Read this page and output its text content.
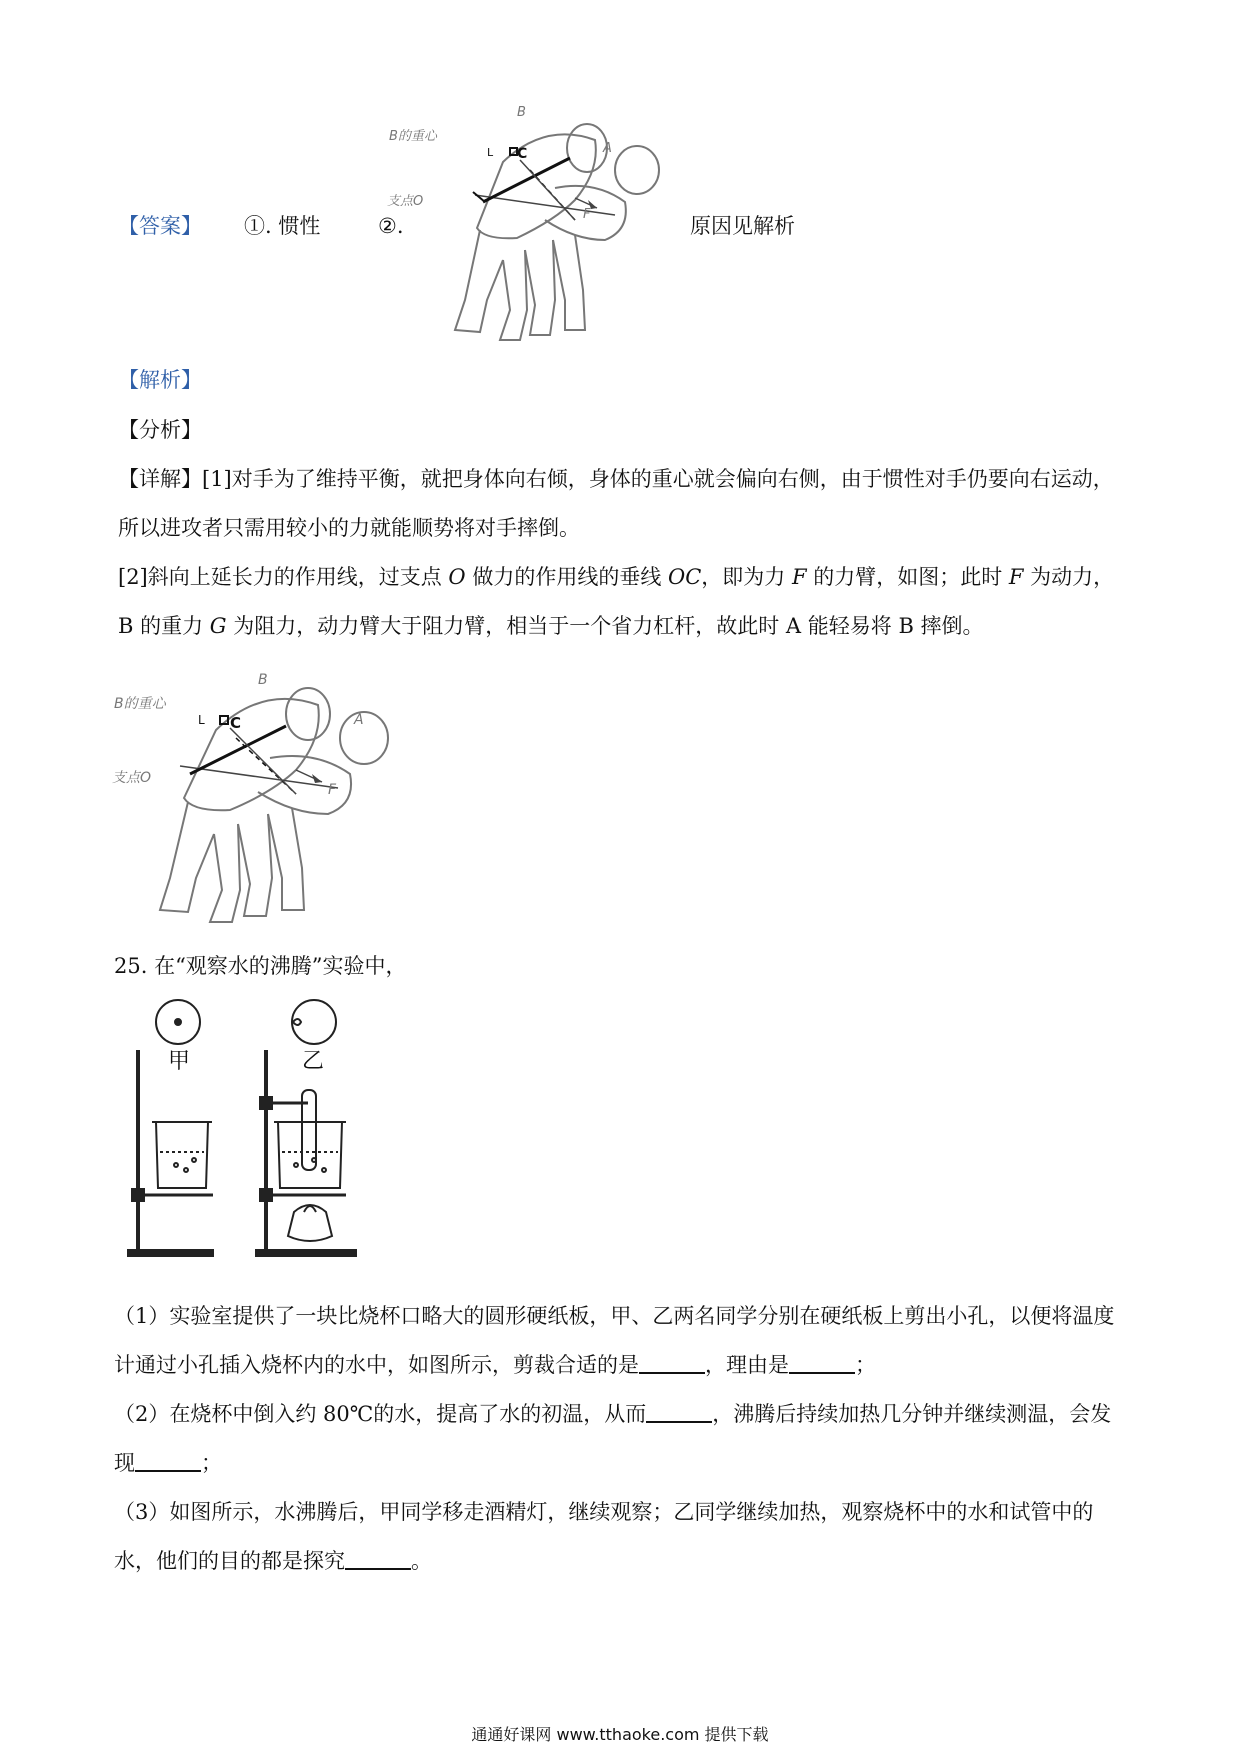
【答案】 ①. 惯性	②.	原因见解析
B的重心
支点O
B
A
C
L
F
【解析】
【分析】
【详解】[1]对手为了维持平衡，就把身体向右倾，身体的重心就会偏向右侧，由于惯性对手仍要向右运动，所以进攻者只需用较小的力就能顺势将对手摔倒。
[2]斜向上延长力的作用线，过支点 O 做力的作用线的垂线 OC，即为力 F 的力臂，如图；此时 F 为动力，B 的重力 G 为阻力，动力臂大于阻力臂，相当于一个省力杠杆，故此时 A 能轻易将 B 摔倒。
B的重心
支点O
B
A
C
L
F
25. 在“观察水的沸腾”实验中，
甲	乙
（1）实验室提供了一块比烧杯口略大的圆形硬纸板，甲、乙两名同学分别在硬纸板上剪出小孔，以便将温度计通过小孔插入烧杯内的水中，如图所示，剪裁合适的是	，理由是	；
（2）在烧杯中倒入约 80℃的水，提高了水的初温，从而	，沸腾后持续加热几分钟并继续测温，会发现	；
（3）如图所示，水沸腾后，甲同学移走酒精灯，继续观察；乙同学继续加热，观察烧杯中的水和试管中的水，他们的目的都是探究	。
通通好课网 www.tthaoke.com 提供下载
